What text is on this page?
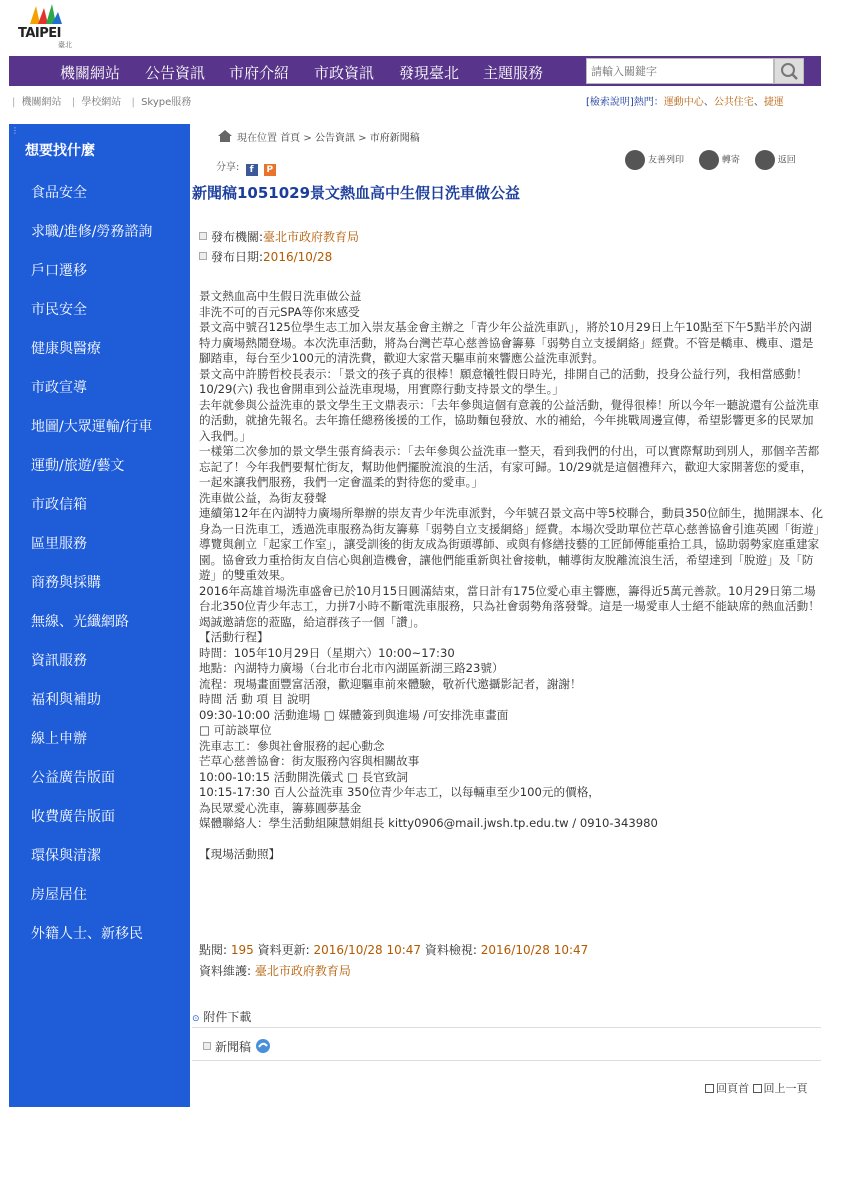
TAIPEI
臺北
機關網站 公告資訊 市府介紹 市政資訊 發現臺北 主題服務
請輸入關鍵字
| 機關網站 | 學校網站 | Skype服務	[檢索說明]熱門：運動中心、公共住宅、捷運
⋮
想要找什麼
食品安全
求職/進修/勞務諮詢
戶口遷移
市民安全
健康與醫療
市政宣導
地圖/大眾運輸/行車
運動/旅遊/藝文
市政信箱
區里服務
商務與採購
無線、光纖網路
資訊服務
福利與補助
線上申辦
公益廣告版面
收費廣告版面
環保與清潔
房屋居住
外籍人士、新移民
現在位置 首頁 > 公告資訊 > 市府新聞稿
分享: f P
友善列印	轉寄	返回
新聞稿1051029景文熱血高中生假日洗車做公益
發布機關:臺北市政府教育局
發布日期:2016/10/28

景文熱血高中生假日洗車做公益

非洗不可的百元SPA等你來感受

景文高中號召125位學生志工加入崇友基金會主辦之「青少年公益洗車趴」，將於10月29日上午10點至下午5點半於內湖特力廣場熱鬧登場。本次洗車活動，將為台灣芒草心慈善協會籌募「弱勢自立支援網絡」經費。不管是轎車、機車、還是腳踏車，每台至少100元的清洗費，歡迎大家當天驅車前來響應公益洗車派對。

景文高中許勝哲校長表示：「景文的孩子真的很棒！願意犧牲假日時光，排開自己的活動，投身公益行列，我相當感動！10/29(六) 我也會開車到公益洗車現場，用實際行動支持景文的學生。」

去年就參與公益洗車的景文學生王文鼎表示：「去年參與這個有意義的公益活動，覺得很棒！所以今年一聽說還有公益洗車的活動，就搶先報名。去年擔任總務後援的工作，協助麵包發放、水的補給，今年挑戰周邊宣傳，希望影響更多的民眾加入我們。」

一樣第二次參加的景文學生張育綺表示：「去年參與公益洗車一整天，看到我們的付出，可以實際幫助到別人，那個辛苦都忘記了！今年我們要幫忙街友，幫助他們擺脫流浪的生活，有家可歸。10/29就是這個禮拜六，歡迎大家開著您的愛車，一起來讓我們服務，我們一定會溫柔的對待您的愛車。」

洗車做公益，為街友發聲

連續第12年在內湖特力廣場所舉辦的崇友青少年洗車派對，今年號召景文高中等5校聯合，動員350位師生，拋開課本、化身為一日洗車工，透過洗車服務為街友籌募「弱勢自立支援網絡」經費。本場次受助單位芒草心慈善協會引進英國「街遊」導覽與創立「起家工作室」，讓受訓後的街友成為街頭導師、或與有修繕技藝的工匠師傅能重拾工具，協助弱勢家庭重建家園。協會致力重拾街友自信心與創造機會，讓他們能重新與社會接軌，輔導街友脫離流浪生活，希望達到「脫遊」及「防遊」的雙重效果。

2016年高雄首場洗車盛會已於10月15日圓滿結束，當日計有175位愛心車主響應，籌得近5萬元善款。10月29日第二場台北350位青少年志工，力拼7小時不斷電洗車服務，只為社會弱勢角落發聲。這是一場愛車人士絕不能缺席的熱血活動！竭誠邀請您的蒞臨，給這群孩子一個「讚」。

【活動行程】

時間：105年10月29日（星期六）10:00~17:30

地點：內湖特力廣場（台北市台北市內湖區新湖三路23號）

流程：現場畫面豐富活潑，歡迎驅車前來體驗，敬祈代邀攝影記者，謝謝！

時間 活 動 項 目 說明

09:30-10:00 活動進場 □ 媒體簽到與進場 /可安排洗車畫面

□ 可訪談單位

洗車志工：參與社會服務的起心動念

芒草心慈善協會：街友服務內容與相關故事

10:00-10:15 活動開洗儀式 □ 長官致詞

10:15-17:30 百人公益洗車 350位青少年志工，以每輛車至少100元的價格，

為民眾愛心洗車，籌募圓夢基金

媒體聯絡人：學生活動組陳慧娟組長 kitty0906@mail.jwsh.tp.edu.tw / 0910-343980

【現場活動照】

點閱: 195 資料更新: 2016/10/28 10:47 資料檢視: 2016/10/28 10:47
資料維護: 臺北市政府教育局
⊙ 附件下載
新聞稿
回頁首 回上一頁
